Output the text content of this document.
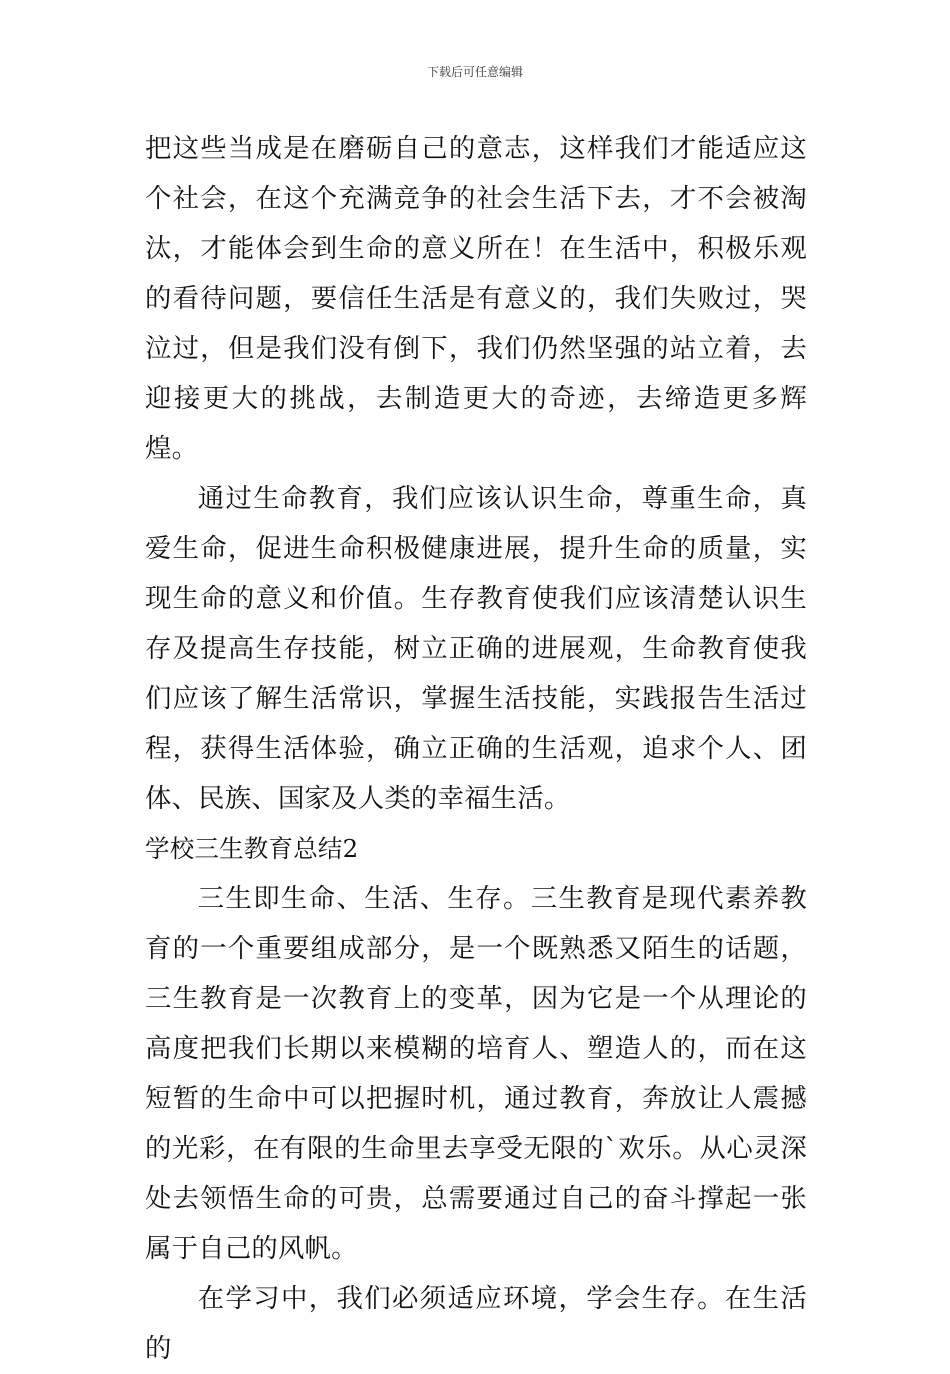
下载后可任意编辑

把这些当成是在磨砺自己的意志，这样我们才能适应这个社会，在这个充满竞争的社会生活下去，才不会被淘汰，才能体会到生命的意义所在！在生活中，积极乐观的看待问题，要信任生活是有意义的，我们失败过，哭泣过，但是我们没有倒下，我们仍然坚强的站立着，去迎接更大的挑战，去制造更大的奇迹，去缔造更多辉煌。

通过生命教育，我们应该认识生命，尊重生命，真爱生命，促进生命积极健康进展，提升生命的质量，实现生命的意义和价值。生存教育使我们应该清楚认识生存及提高生存技能，树立正确的进展观，生命教育使我们应该了解生活常识，掌握生活技能，实践报告生活过程，获得生活体验，确立正确的生活观，追求个人、团体、民族、国家及人类的幸福生活。

学校三生教育总结2

三生即生命、生活、生存。三生教育是现代素养教育的一个重要组成部分，是一个既熟悉又陌生的话题，三生教育是一次教育上的变革，因为它是一个从理论的高度把我们长期以来模糊的培育人、塑造人的，而在这短暂的生命中可以把握时机，通过教育，奔放让人震撼的光彩，在有限的生命里去享受无限的`欢乐。从心灵深处去领悟生命的可贵，总需要通过自己的奋斗撑起一张属于自己的风帆。

在学习中，我们必须适应环境，学会生存。在生活的
